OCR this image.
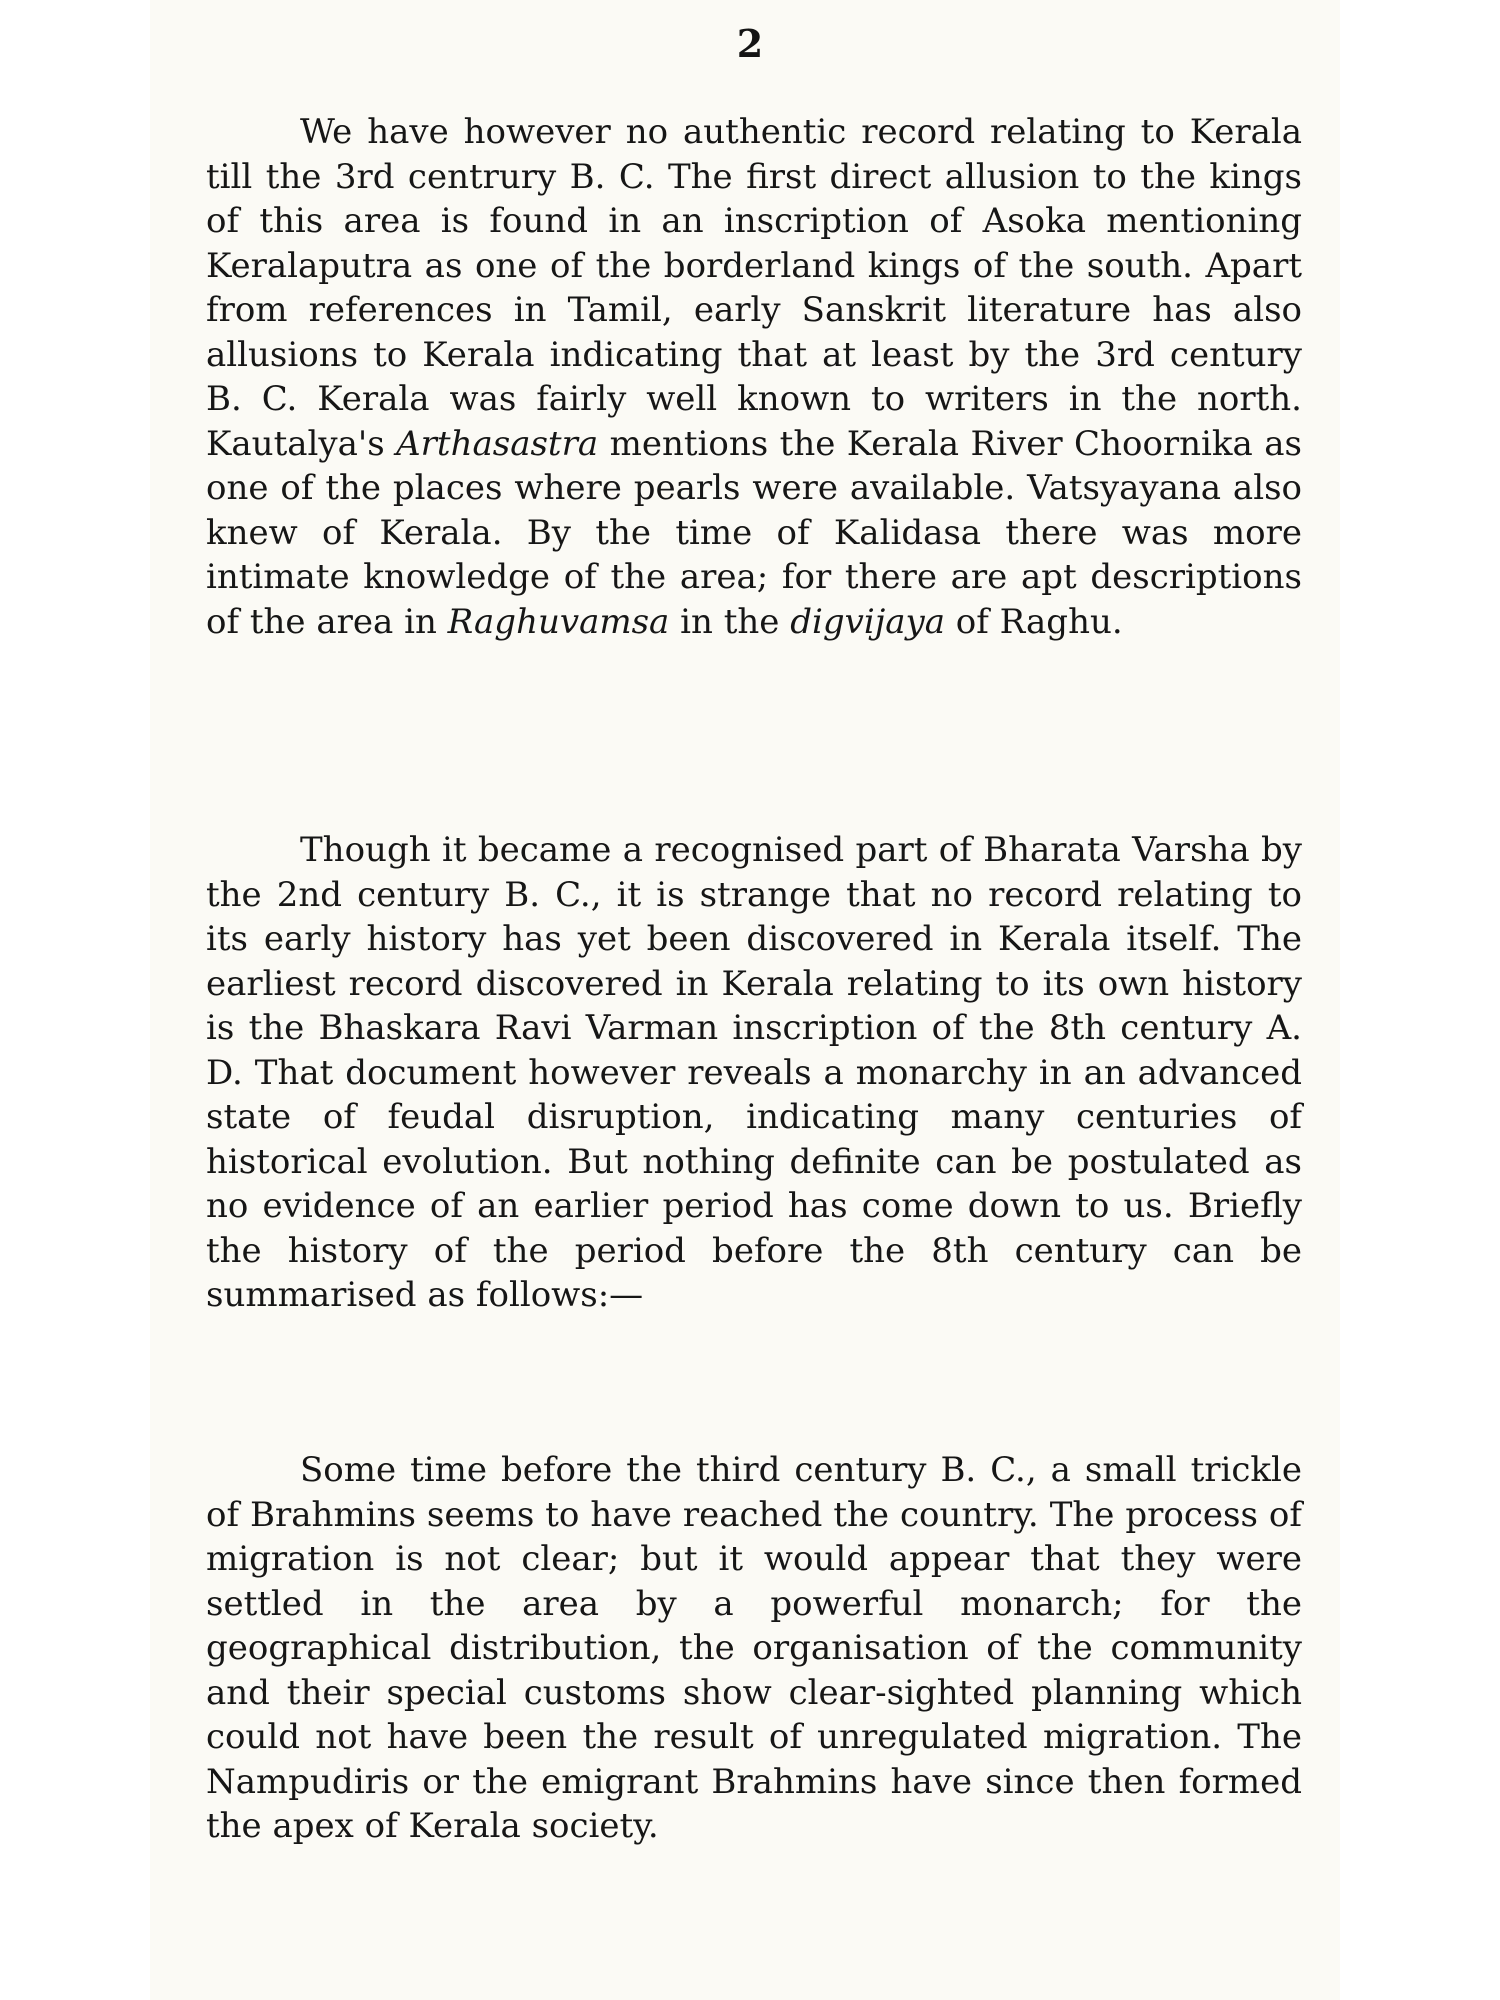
2

We have however no authentic record relating to Kerala till the 3rd centrury B. C. The first direct allusion to the kings of this area is found in an inscription of Asoka mentioning Keralaputra as one of the borderland kings of the south. Apart from references in Tamil, early Sanskrit literature has also allusions to Kerala indicating that at least by the 3rd century B. C. Kerala was fairly well known to writers in the north. Kautalya's Arthasastra mentions the Kerala River Choornika as one of the places where pearls were available. Vatsyayana also knew of Kerala. By the time of Kalidasa there was more intimate knowledge of the area; for there are apt descriptions of the area in Raghuvamsa in the digvijaya of Raghu.

Though it became a recognised part of Bharata Varsha by the 2nd century B. C., it is strange that no record relating to its early history has yet been discovered in Kerala itself. The earliest record discovered in Kerala relating to its own history is the Bhaskara Ravi Varman inscription of the 8th century A. D. That document however reveals a monarchy in an advanced state of feudal disruption, indicating many centuries of historical evolution. But nothing definite can be postulated as no evidence of an earlier period has come down to us. Briefly the history of the period before the 8th century can be summarised as follows:—

Some time before the third century B. C., a small trickle of Brahmins seems to have reached the country. The process of migration is not clear; but it would appear that they were settled in the area by a powerful monarch; for the geographical distribution, the organisation of the community and their special customs show clear-sighted planning which could not have been the result of unregulated migration. The Nampudiris or the emigrant Brahmins have since then formed the apex of Kerala society.
